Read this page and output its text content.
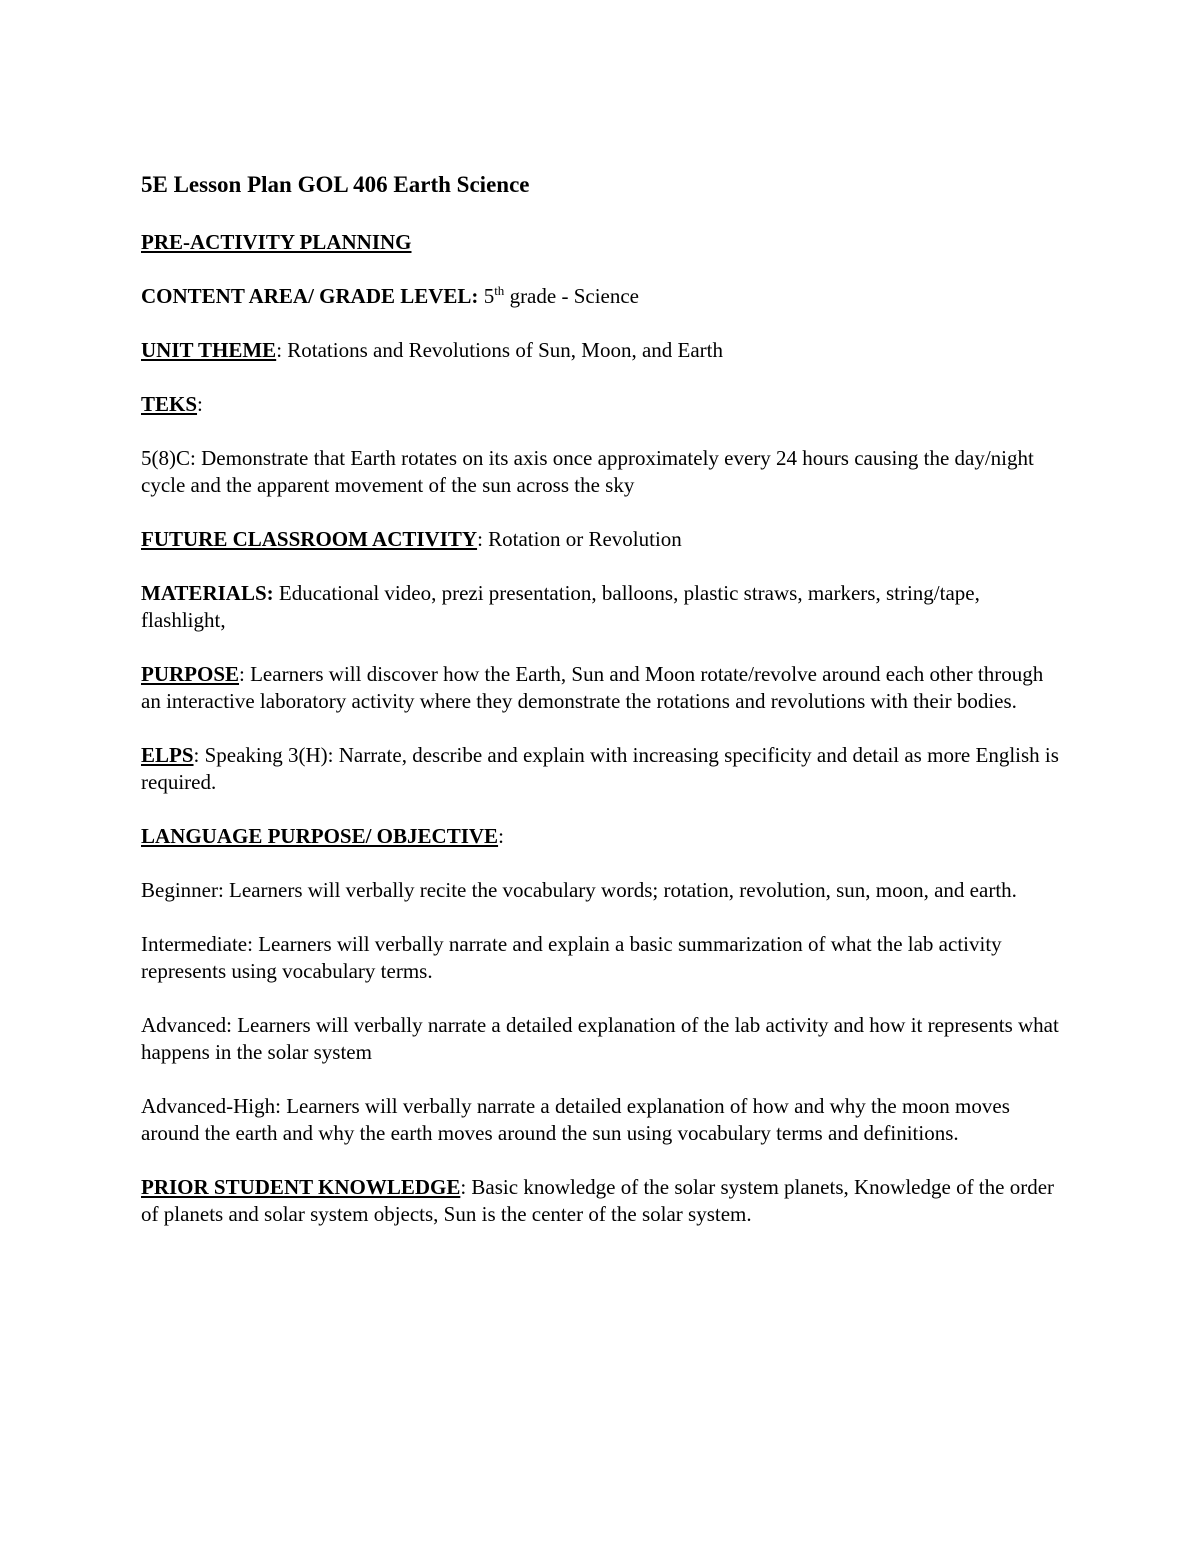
5E Lesson Plan GOL 406 Earth Science
PRE-ACTIVITY PLANNING
CONTENT AREA/ GRADE LEVEL: 5th grade - Science
UNIT THEME: Rotations and Revolutions of Sun, Moon, and Earth
TEKS:
5(8)C: Demonstrate that Earth rotates on its axis once approximately every 24 hours causing the day/night cycle and the apparent movement of the sun across the sky
FUTURE CLASSROOM ACTIVITY: Rotation or Revolution
MATERIALS: Educational video, prezi presentation, balloons, plastic straws, markers, string/tape, flashlight,
PURPOSE: Learners will discover how the Earth, Sun and Moon rotate/revolve around each other through an interactive laboratory activity where they demonstrate the rotations and revolutions with their bodies.
ELPS: Speaking 3(H): Narrate, describe and explain with increasing specificity and detail as more English is required.
LANGUAGE PURPOSE/ OBJECTIVE:
Beginner: Learners will verbally recite the vocabulary words; rotation, revolution, sun, moon, and earth.
Intermediate: Learners will verbally narrate and explain a basic summarization of what the lab activity represents using vocabulary terms.
Advanced: Learners will verbally narrate a detailed explanation of the lab activity and how it represents what happens in the solar system
Advanced-High: Learners will verbally narrate a detailed explanation of how and why the moon moves around the earth and why the earth moves around the sun using vocabulary terms and definitions.
PRIOR STUDENT KNOWLEDGE: Basic knowledge of the solar system planets, Knowledge of the order of planets and solar system objects, Sun is the center of the solar system.
